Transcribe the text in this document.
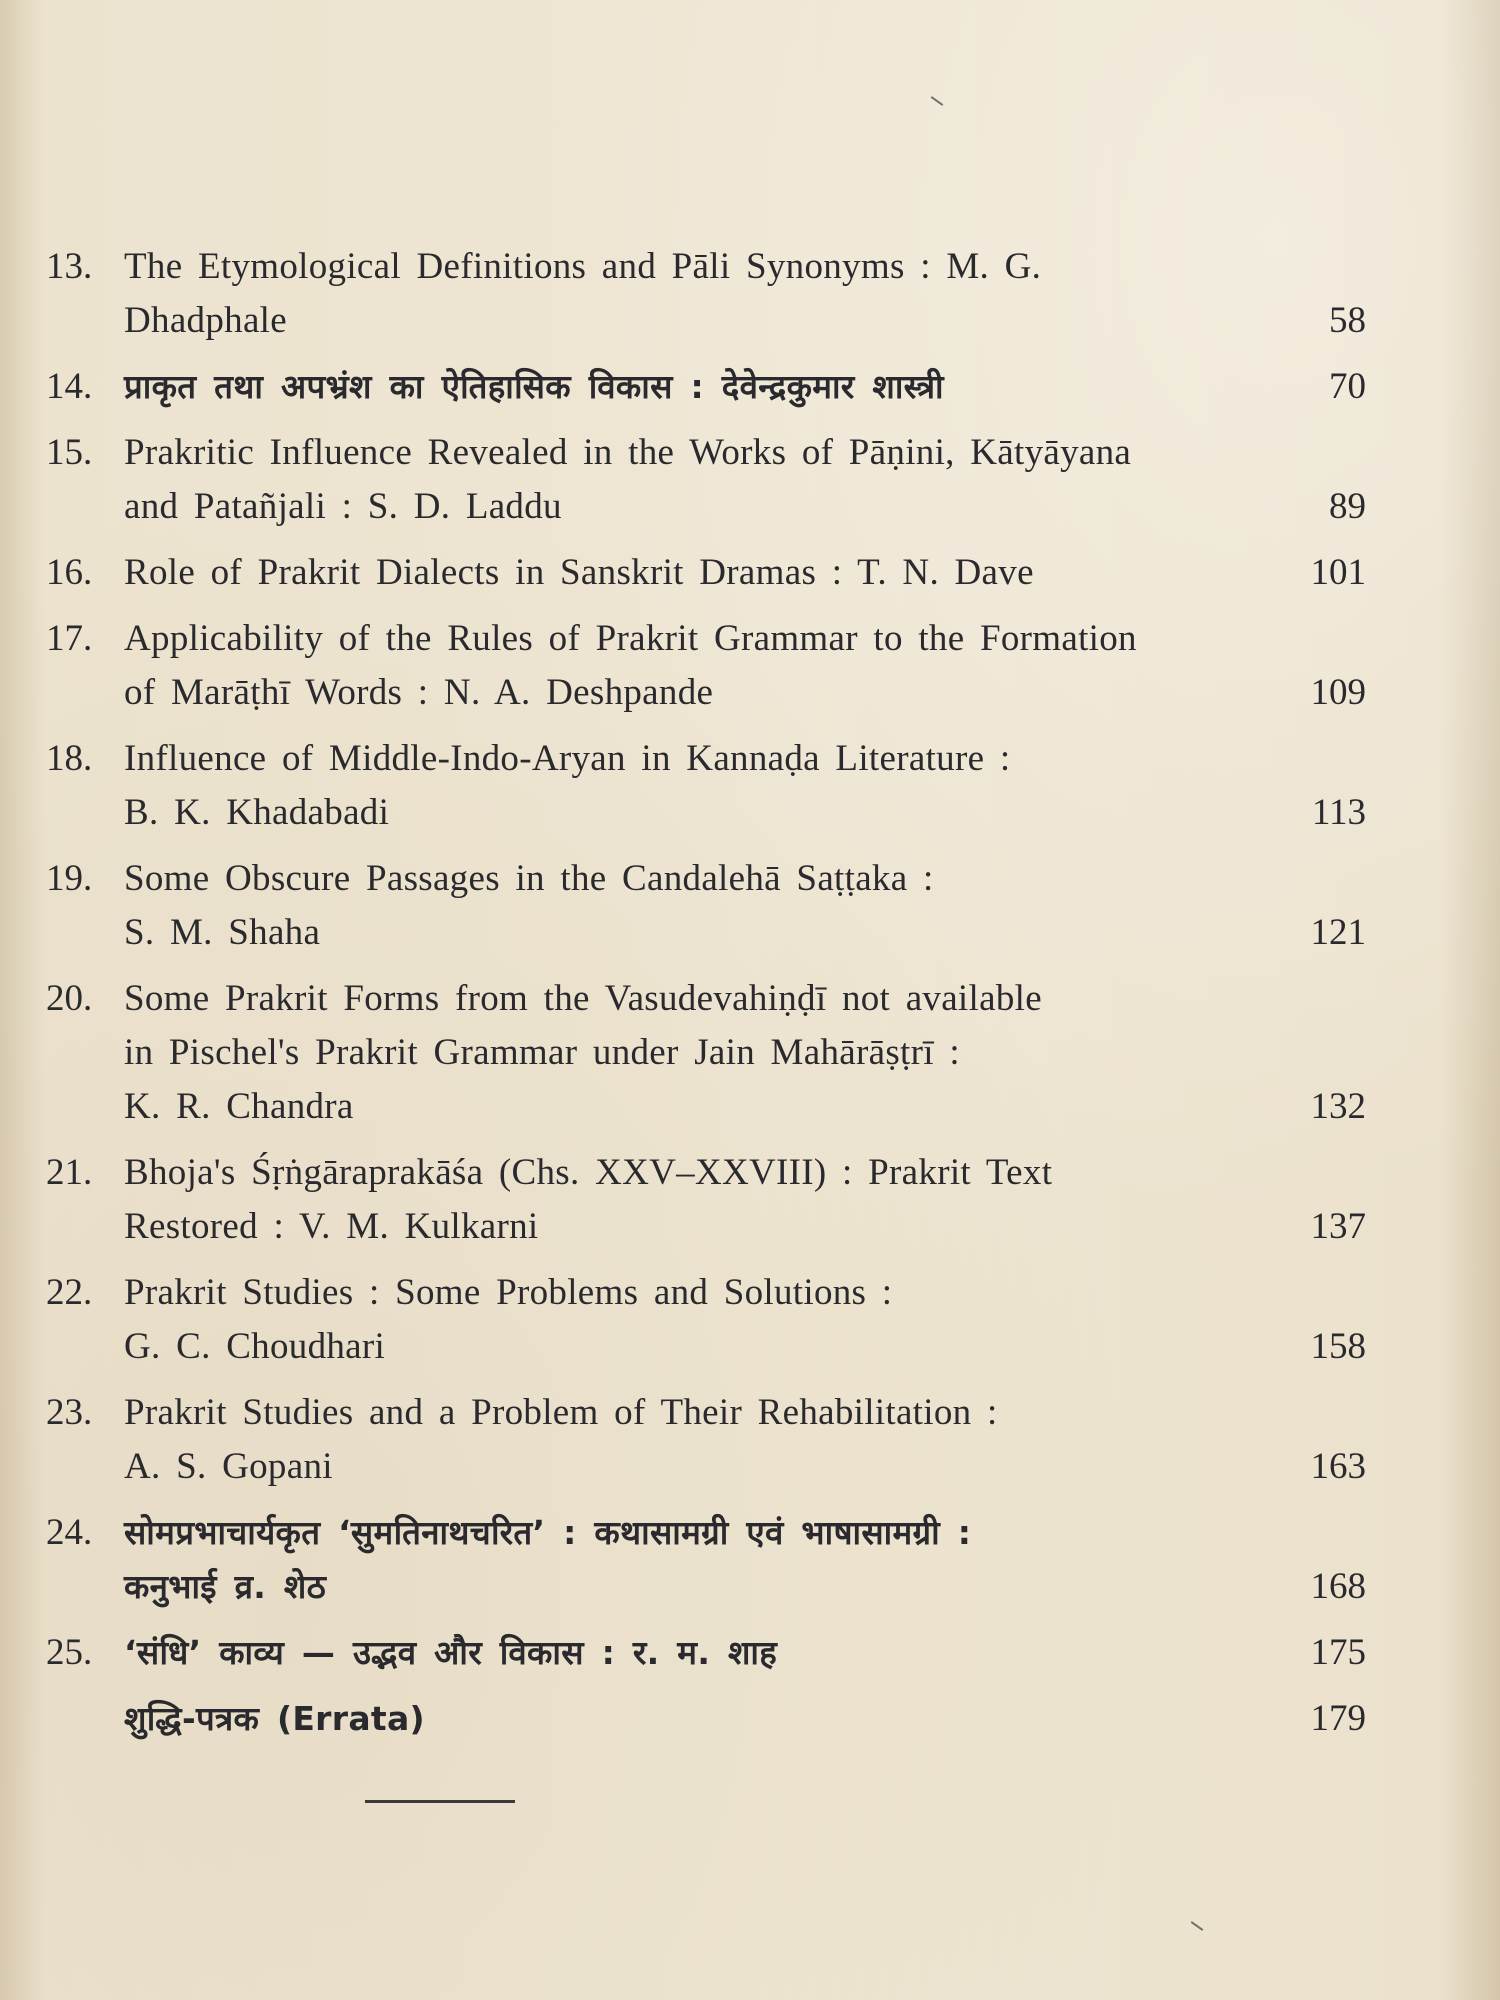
13. The Etymological Definitions and Pāli Synonyms : M. G.
Dhadphale	58
14. प्राकृत तथा अपभ्रंश का ऐतिहासिक विकास : देवेन्द्रकुमार शास्त्री	70
15. Prakritic Influence Revealed in the Works of Pāṇini, Kātyāyana
and Patañjali : S. D. Laddu	89
16. Role of Prakrit Dialects in Sanskrit Dramas : T. N. Dave	101
17. Applicability of the Rules of Prakrit Grammar to the Formation
of Marāṭhī Words : N. A. Deshpande	109
18. Influence of Middle-Indo-Aryan in Kannaḍa Literature :
B. K. Khadabadi	113
19. Some Obscure Passages in the Candalehā Saṭṭaka :
S. M. Shaha	121
20. Some Prakrit Forms from the Vasudevahiṇḍī not available
in Pischel's Prakrit Grammar under Jain Mahārāṣṭrī :
K. R. Chandra	132
21. Bhoja's Śṛṅgāraprakāśa (Chs. XXV–XXVIII) : Prakrit Text
Restored : V. M. Kulkarni	137
22. Prakrit Studies : Some Problems and Solutions :
G. C. Choudhari	158
23. Prakrit Studies and a Problem of Their Rehabilitation :
A. S. Gopani	163
24. सोमप्रभाचार्यकृत ‘सुमतिनाथचरित’ : कथासामग्री एवं भाषासामग्री :
कनुभाई व्र. शेठ	168
25. ‘संधि’ काव्य — उद्भव और विकास : र. म. शाह	175
शुद्धि-पत्रक (Errata)	179
